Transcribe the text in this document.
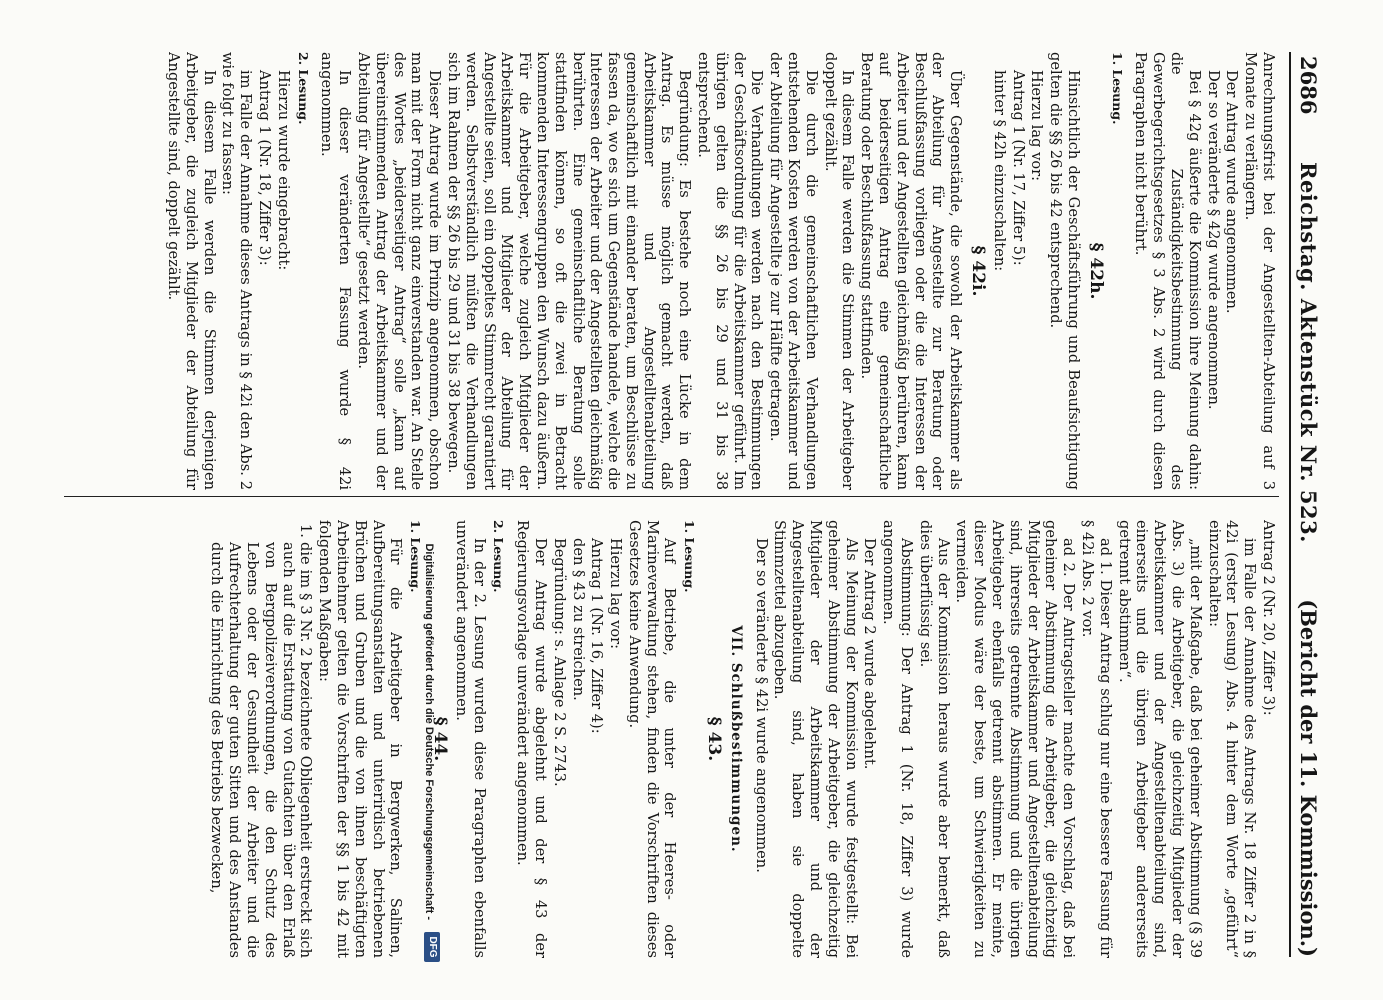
2686
Reichstag. Aktenstück Nr. 523.
(Bericht der 11. Kommission.)

Anrechnungsfrist bei der Angestellten-Abteilung auf 3 Monate zu verlängern.

Der Antrag wurde angenommen.

Der so veränderte § 42g wurde angenommen.

Bei § 42g äußerte die Kommission ihre Meinung dahin: die Zuständigkeitsbestimmung des Gewerbegerichtsgesetzes § 3 Abs. 2 wird durch diesen Paragraphen nicht berührt.

1. Lesung.
§ 42h.

Hinsichtlich der Geschäftsführung und Beaufsichtigung gelten die §§ 26 bis 42 entsprechend.

Hierzu lag vor:

Antrag 1 (Nr. 17, Ziffer 5):

hinter § 42h einzuschalten:

§ 42i.

Über Gegenstände, die sowohl der Arbeitskammer als der Abteilung für Angestellte zur Beratung oder Beschlußfassung vorliegen oder die die Interessen der Arbeiter und der Angestellten gleichmäßig berühren, kann auf beiderseitigen Antrag eine gemeinschaftliche Beratung oder Beschlußfassung stattfinden.

In diesem Falle werden die Stimmen der Arbeitgeber doppelt gezählt.

Die durch die gemeinschaftlichen Verhandlungen entstehenden Kosten werden von der Arbeitskammer und der Abteilung für Angestellte je zur Hälfte getragen.

Die Verhandlungen werden nach den Bestimmungen der Geschäftsordnung für die Arbeitskammer geführt. Im übrigen gelten die §§ 26 bis 29 und 31 bis 38 entsprechend.

Begründung: Es bestehe noch eine Lücke in dem Antrag. Es müsse möglich gemacht werden, daß Arbeitskammer und Angestelltenabteilung gemeinschaftlich mit einander beraten, um Beschlüsse zu fassen da, wo es sich um Gegenstände handele, welche die Interessen der Arbeiter und der Angestellten gleichmäßig berührten. Eine gemeinschaftliche Beratung solle stattfinden können, so oft die zwei in Betracht kommenden Interessengruppen den Wunsch dazu äußern. Für die Arbeitgeber, welche zugleich Mitglieder der Arbeitskammer und Mitglieder der Abteilung für Angestellte seien, soll ein doppeltes Stimmrecht garantiert werden. Selbstverständlich müßten die Verhandlungen sich im Rahmen der §§ 26 bis 29 und 31 bis 38 bewegen.

Dieser Antrag wurde im Prinzip angenommen, obschon man mit der Form nicht ganz einverstanden war. An Stelle des Wortes „beiderseitiger Antrag“ solle „kann auf übereinstimmenden Antrag der Arbeitskammer und der Abteilung für Angestellte“ gesetzt werden.

In dieser veränderten Fassung wurde § 42i angenommen.

2. Lesung.

Hierzu wurde eingebracht:

Antrag 1 (Nr. 18, Ziffer 3):

im Falle der Annahme dieses Antrags in § 42i den Abs. 2 wie folgt zu fassen:

In diesem Falle werden die Stimmen derjenigen Arbeitgeber, die zugleich Mitglieder der Abteilung für Angestellte sind, doppelt gezählt.

Antrag 2 (Nr. 20, Ziffer 3):

im Falle der Annahme des Antrags Nr. 18 Ziffer 2 in § 42i (erster Lesung) Abs. 4 hinter dem Worte „geführt“ einzuschalten:

„mit der Maßgabe, daß bei geheimer Abstimmung (§ 39 Abs. 3) die Arbeitgeber, die gleichzeitig Mitglieder der Arbeitskammer und der Angestelltenabteilung sind, einerseits und die übrigen Arbeitgeber andererseits getrennt abstimmen“.

ad 1. Dieser Antrag schlug nur eine bessere Fassung für § 42i Abs. 2 vor.

ad 2. Der Antragsteller machte den Vorschlag, daß bei geheimer Abstimmung die Arbeitgeber, die gleichzeitig Mitglieder der Arbeitskammer und Angestelltenabteilung sind, ihrerseits getrennte Abstimmung und die übrigen Arbeitgeber ebenfalls getrennt abstimmen. Er meinte, dieser Modus wäre der beste, um Schwierigkeiten zu vermeiden.

Aus der Kommission heraus wurde aber bemerkt, daß dies überflüssig sei.

Abstimmung: Der Antrag 1 (Nr. 18, Ziffer 3) wurde angenommen.

Der Antrag 2 wurde abgelehnt.

Als Meinung der Kommission wurde festgestellt: Bei geheimer Abstimmung der Arbeitgeber, die gleichzeitig Mitglieder der Arbeitskammer und der Angestelltenabteilung sind, haben sie doppelte Stimmzettel abzugeben.

Der so veränderte § 42i wurde angenommen.

VII. Schlußbestimmungen.
§ 43.
1. Lesung.

Auf Betriebe, die unter der Heeres- oder Marineverwaltung stehen, finden die Vorschriften dieses Gesetzes keine Anwendung.

Hierzu lag vor:

Antrag 1 (Nr. 16, Ziffer 4):

den § 43 zu streichen.

Begründung: s. Anlage 2 S. 2743.

Der Antrag wurde abgelehnt und der § 43 der Regierungsvorlage unverändert angenommen.

2. Lesung.

In der 2. Lesung wurden diese Paragraphen ebenfalls unverändert angenommen.

§ 44.
1. Lesung.

Für die Arbeitgeber in Bergwerken, Salinen, Aufbereitungsanstalten und unterirdisch betriebenen Brüchen und Gruben und die von ihnen beschäftigten Arbeitnehmer gelten die Vorschriften der §§ 1 bis 42 mit folgenden Maßgaben:

1.die im § 3 Nr. 2 bezeichnete Obliegenheit erstreckt sich auch auf die Erstattung von Gutachten über den Erlaß von Bergpolizeiverordnungen, die den Schutz des Lebens oder der Gesundheit der Arbeiter und die Aufrechterhaltung der guten Sitten und des Anstandes durch die Einrichtung des Betriebs bezwecken,	Digitalisierung gefördert durch die Deutsche Forschungsgemeinschaft -
DFG
